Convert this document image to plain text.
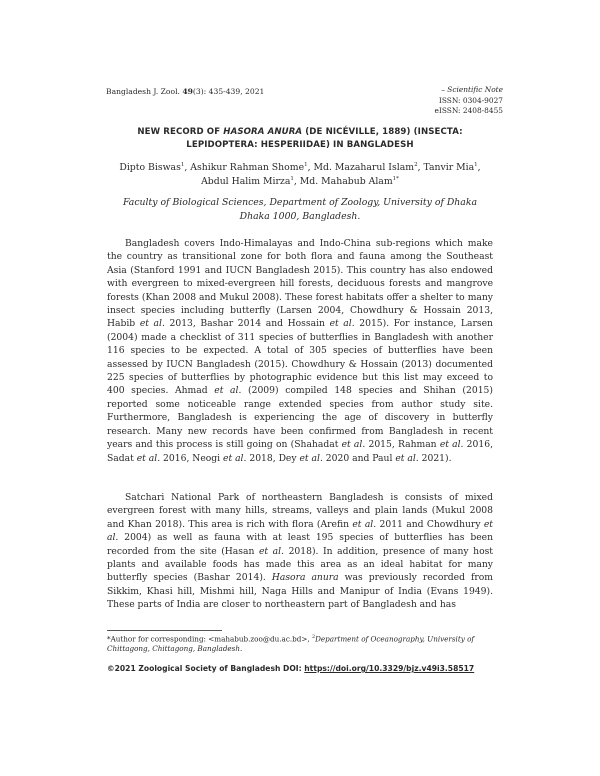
Bangladesh J. Zool. 49(3): 435-439, 2021	– Scientific Note
ISSN: 0304-9027
eISSN: 2408-8455
NEW RECORD OF HASORA ANURA (DE NICÉVILLE, 1889) (INSECTA: LEPIDOPTERA: HESPERIIDAE) IN BANGLADESH
Dipto Biswas$^1$, Ashikur Rahman Shome$^1$, Md. Mazaharul Islam$^2$, Tanvir Mia$^1$, Abdul Halim Mirza$^1$, Md. Mahabub Alam$^{1*}$
Faculty of Biological Sciences, Department of Zoology, University of Dhaka Dhaka 1000, Bangladesh.

Bangladesh covers Indo-Himalayas and Indo-China sub-regions which make the country as transitional zone for both flora and fauna among the Southeast Asia (Stanford 1991 and IUCN Bangladesh 2015). This country has also endowed with evergreen to mixed-evergreen hill forests, deciduous forests and mangrove forests (Khan 2008 and Mukul 2008). These forest habitats offer a shelter to many insect species including butterfly (Larsen 2004, Chowdhury & Hossain 2013, Habib et al. 2013, Bashar 2014 and Hossain et al. 2015). For instance, Larsen (2004) made a checklist of 311 species of butterflies in Bangladesh with another 116 species to be expected. A total of 305 species of butterflies have been assessed by IUCN Bangladesh (2015). Chowdhury & Hossain (2013) documented 225 species of butterflies by photographic evidence but this list may exceed to 400 species. Ahmad et al. (2009) compiled 148 species and Shihan (2015) reported some noticeable range extended species from author study site. Furthermore, Bangladesh is experiencing the age of discovery in butterfly research. Many new records have been confirmed from Bangladesh in recent years and this process is still going on (Shahadat et al. 2015, Rahman et al. 2016, Sadat et al. 2016, Neogi et al. 2018, Dey et al. 2020 and Paul et al. 2021).

Satchari National Park of northeastern Bangladesh is consists of mixed evergreen forest with many hills, streams, valleys and plain lands (Mukul 2008 and Khan 2018). This area is rich with flora (Arefin et al. 2011 and Chowdhury et al. 2004) as well as fauna with at least 195 species of butterflies has been recorded from the site (Hasan et al. 2018). In addition, presence of many host plants and available foods has made this area as an ideal habitat for many butterfly species (Bashar 2014). Hasora anura was previously recorded from Sikkim, Khasi hill, Mishmi hill, Naga Hills and Manipur of India (Evans 1949). These parts of India are closer to northeastern part of Bangladesh and has

*Author for corresponding: <mahabub.zoo@du.ac.bd>, $^2$Department of Oceanography, University of Chittagong, Chittagong, Bangladesh.
©2021 Zoological Society of Bangladesh DOI: https://doi.org/10.3329/bjz.v49i3.58517
